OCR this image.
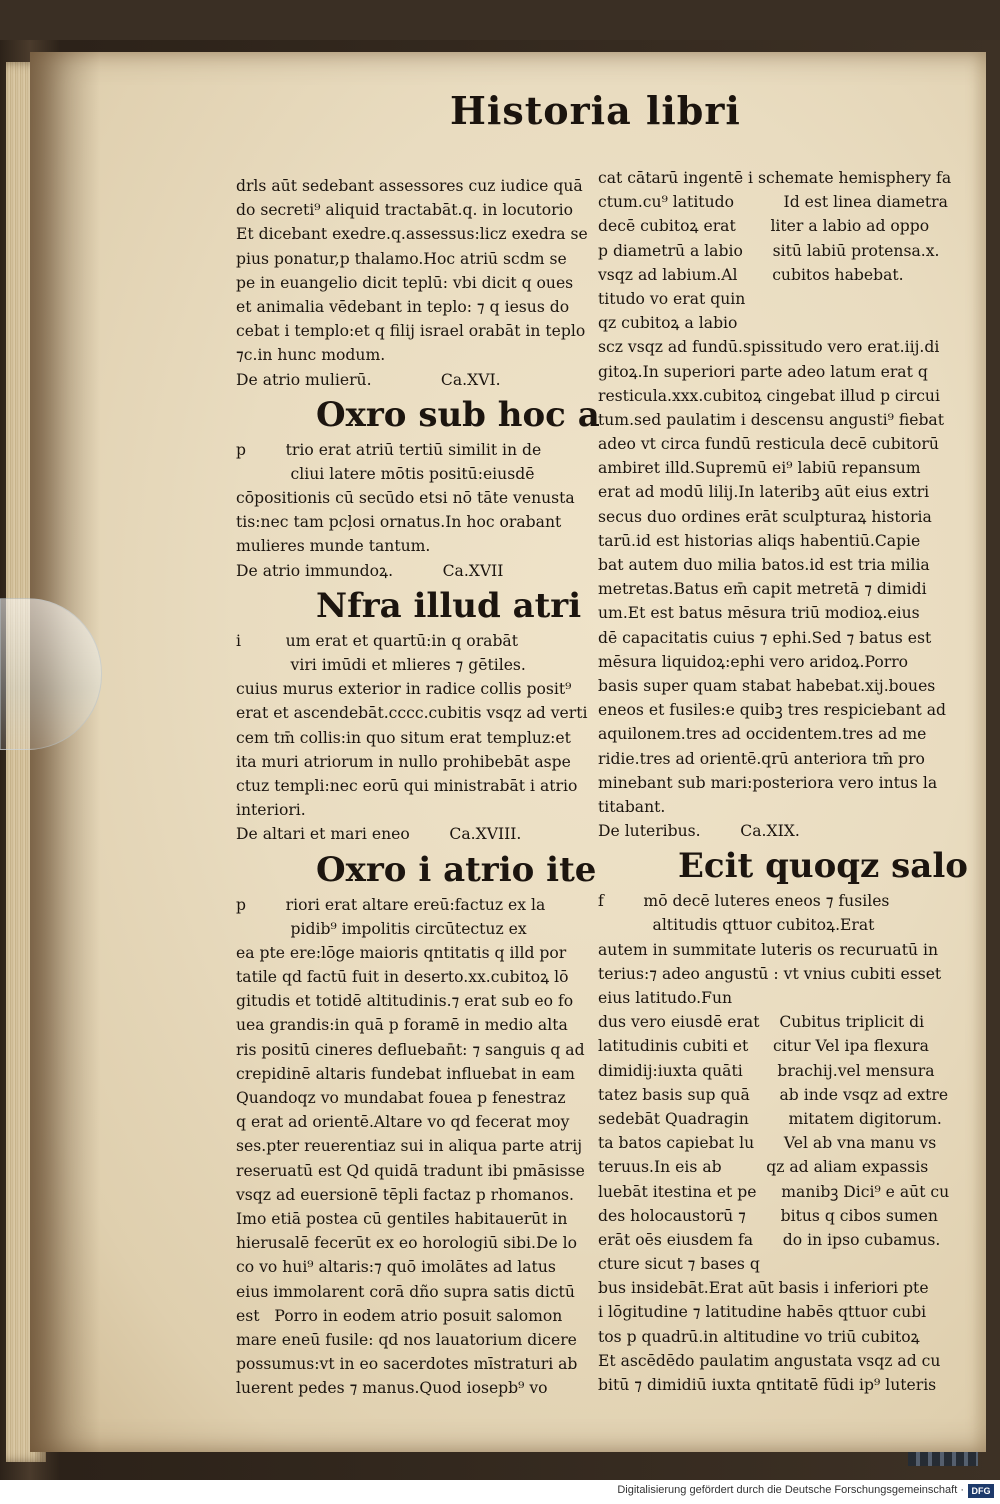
Historia libri
drls aūt sedebant assessores cuz iudice quā
do secreti⁹ aliquid tractabāt.q. in locutorio
Et dicebant exedre.q.assessus:licz exedra se
pius ponatur,p thalamo.Hoc atriū scdm se
pe in euangelio dicit teplū: vbi dicit q oues
et animalia vēdebant in teplo: ⁊ q iesus do
cebat i templo:et q filij israel orabāt in teplo
⁊c.in hunc modum.
De atrio mulierū.              Ca.XVI.
Oxro sub hoc a
p        trio erat atriū tertiū similit in de
cliui latere mōtis positū:eiusdē
cōpositionis cū secūdo etsi nō tāte venusta
tis:nec tam pcļosi ornatus.In hoc orabant
mulieres munde tantum.
De atrio immundoꝝ.          Ca.XVII
Nfra illud atri
i         um erat et quartū:in q orabāt
viri imūdi et mlieres ⁊ gētiles.
cuius murus exterior in radice collis posit⁹
erat et ascendebāt.cccc.cubitis vsqz ad verti
cem tm̄ collis:in quo situm erat templuz:et
ita muri atriorum in nullo prohibebāt aspe
ctuz templi:nec eorū qui ministrabāt i atrio
interiori.
De altari et mari eneo        Ca.XVIII.
Oxro i atrio ite
p        riori erat altare ereū:factuz ex la
pidib⁹ impolitis circūtectuz ex
ea pte ere:lōge maioris qntitatis q illd por
tatile qd factū fuit in deserto.xx.cubitoꝝ lō
gitudis et totidē altitudinis.⁊ erat sub eo fo
uea grandis:in quā p foramē in medio alta
ris positū cineres deflueban̄t: ⁊ sanguis q ad
crepidinē altaris fundebat influebat in eam
Quandoqz vo mundabat fouea p fenestraz
q erat ad orientē.Altare vo qd fecerat moy
ses.pter reuerentiaz sui in aliqua parte atrij
reseruatū est Qd quidā tradunt ibi pmāsisse
vsqz ad euersionē tēpli factaz p rhomanos.
Imo etiā postea cū gentiles habitauerūt in
hierusalē fecerūt ex eo horologiū sibi.De lo
co vo hui⁹ altaris:⁊ quō imolātes ad latus
eius immolarent corā dño supra satis dictū
est   Porro in eodem atrio posuit salomon
mare eneū fusile: qd nos lauatorium dicere
possumus:vt in eo sacerdotes mīstraturi ab
luerent pedes ⁊ manus.Quod iosepb⁹ vo
cat cātarū ingentē i schemate hemisphery fa
ctum.cu⁹ latitudo          Id est linea diametra
decē cubitoꝝ erat       liter a labio ad oppo
p diametrū a labio      sitū labiū protensa.x.
vsqz ad labium.Al       cubitos habebat.
titudo vo erat quin
qz cubitoꝝ a labio
scz vsqz ad fundū.spissitudo vero erat.iij.di
gitoꝝ.In superiori parte adeo latum erat q
resticula.xxx.cubitoꝝ cingebat illud p circui
tum.sed paulatim i descensu angusti⁹ fiebat
adeo vt circa fundū resticula decē cubitorū
ambiret illd.Supremū ei⁹ labiū repansum
erat ad modū lilij.In lateribꝫ aūt eius extri
secus duo ordines erāt sculpturaꝝ historia
tarū.id est historias aliqs habentiū.Capie
bat autem duo milia batos.id est tria milia
metretas.Batus em̄ capit metretā ⁊ dimidi
um.Et est batus mēsura triū modioꝝ.eius
dē capacitatis cuius ⁊ ephi.Sed ⁊ batus est
mēsura liquidoꝝ:ephi vero aridoꝝ.Porro
basis super quam stabat habebat.xij.boues
eneos et fusiles:e quibꝫ tres respiciebant ad
aquilonem.tres ad occidentem.tres ad me
ridie.tres ad orientē.qrū anteriora tm̄ pro
minebant sub mari:posteriora vero intus la
titabant.
De luteribus.        Ca.XIX.
Ecit quoqz salo
f        mō decē luteres eneos ⁊ fusiles
altitudis qttuor cubitoꝝ.Erat
autem in summitate luteris os recuruatū in
terius:⁊ adeo angustū : vt vnius cubiti esset
eius latitudo.Fun
dus vero eiusdē erat    Cubitus triplicit di
latitudinis cubiti et     citur Vel ipa flexura
dimidij:iuxta quāti       brachij.vel mensura
tatez basis sup quā      ab inde vsqz ad extre
sedebāt Quadragin        mitatem digitorum.
ta batos capiebat lu      Vel ab vna manu vs
teruus.In eis ab         qz ad aliam expassis
luebāt itestina et pe     manibꝫ Dici⁹ e aūt cu
des holocaustorū ⁊       bitus q cibos sumen
erāt oēs eiusdem fa      do in ipso cubamus.
cture sicut ⁊ bases q
bus insidebāt.Erat aūt basis i inferiori pte
i lōgitudine ⁊ latitudine habēs qttuor cubi
tos p quadrū.in altitudine vo triū cubitoꝝ
Et ascēdēdo paulatim angustata vsqz ad cu
bitū ⁊ dimidiū iuxta qntitatē fūdi ip⁹ luteris
Digitalisierung gefördert durch die Deutsche Forschungsgemeinschaft · DFG
